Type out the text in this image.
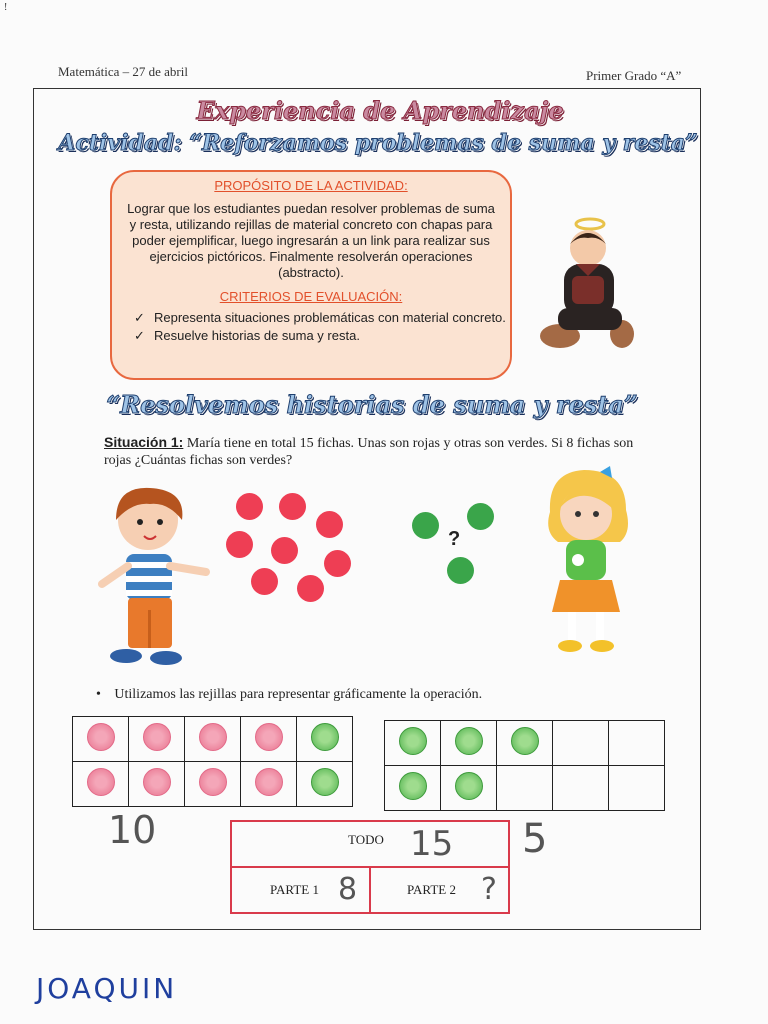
!
Matemática – 27 de abril	Primer Grado “A”
Experiencia de Aprendizaje
Actividad: “Reforzamos problemas de suma y resta”
PROPÓSITO DE LA ACTIVIDAD:
Lograr que los estudiantes puedan resolver problemas de suma y resta, utilizando rejillas de material concreto con chapas para poder ejemplificar, luego ingresarán a un link para realizar sus ejercicios pictóricos. Finalmente resolverán operaciones (abstracto).
CRITERIOS DE EVALUACIÓN:
✓ Representa situaciones problemáticas con material concreto.
✓ Resuelve historias de suma y resta.
“Resolvemos historias de suma y resta”
Situación 1: María tiene en total 15 fichas. Unas son rojas y otras son verdes. Si 8 fichas son rojas ¿Cuántas fichas son verdes?
?
• Utilizamos las rejillas para representar gráficamente la operación.

10	5
TODO 15

PARTE 1 8	PARTE 2 ?
JOAQUIN
